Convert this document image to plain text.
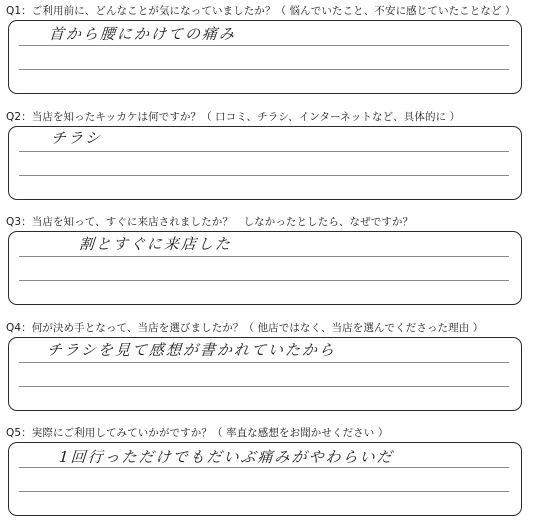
Q1：ご利用前に、どんなことが気になっていましたか？（ 悩んでいたこと、不安に感じていたことなど ）
首から腰にかけての痛み
Q2：当店を知ったキッカケは何ですか？（ 口コミ、チラシ、インターネットなど、具体的に ）
チラシ
Q3：当店を知って、すぐに来店されましたか？　しなかったとしたら、なぜですか？
割とすぐに来店した
Q4：何が決め手となって、当店を選びましたか？（ 他店ではなく、当店を選んでくださった理由 ）
チラシを見て感想が書かれていたから
Q5：実際にご利用してみていかがですか？（ 率直な感想をお聞かせください ）
1回行っただけでもだいぶ痛みがやわらいだ
